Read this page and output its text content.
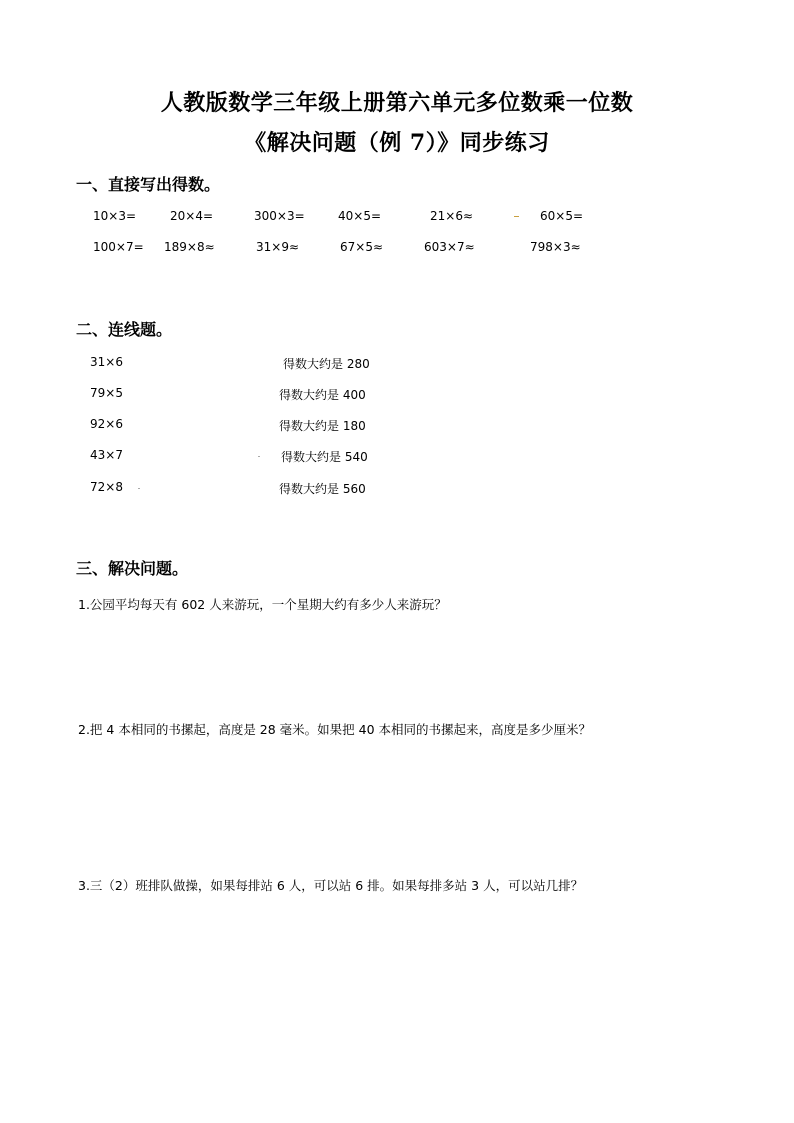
人教版数学三年级上册第六单元多位数乘一位数
《解决问题（例 7）》同步练习
一、直接写出得数。
10×3=	20×4=	300×3=	40×5=	21×6≈	60×5=
100×7= 189×8≈	31×9≈	67×5≈	603×7≈	798×3≈
二、连线题。
31×6
79×5
92×6
43×7
72×8
得数大约是 280
得数大约是 400
得数大约是 180
得数大约是 540
得数大约是 560
三、解决问题。
1.公园平均每天有 602 人来游玩，一个星期大约有多少人来游玩？
2.把 4 本相同的书摞起，高度是 28 毫米。如果把 40 本相同的书摞起来，高度是多少厘米？
3.三（2）班排队做操，如果每排站 6 人，可以站 6 排。如果每排多站 3 人，可以站几排？
